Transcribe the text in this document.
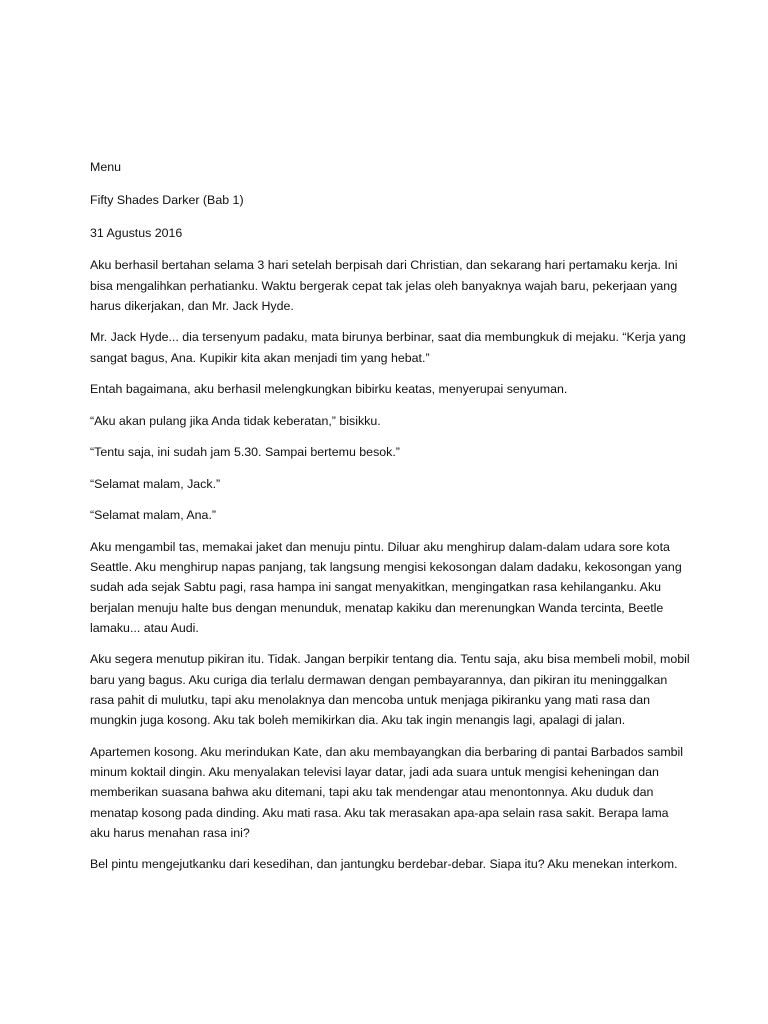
Menu

Fifty Shades Darker (Bab 1)

31 Agustus 2016

Aku berhasil bertahan selama 3 hari setelah berpisah dari Christian, dan sekarang hari pertamaku kerja. Ini bisa mengalihkan perhatianku. Waktu bergerak cepat tak jelas oleh banyaknya wajah baru, pekerjaan yang harus dikerjakan, dan Mr. Jack Hyde.

Mr. Jack Hyde... dia tersenyum padaku, mata birunya berbinar, saat dia membungkuk di mejaku. “Kerja yang sangat bagus, Ana. Kupikir kita akan menjadi tim yang hebat.”

Entah bagaimana, aku berhasil melengkungkan bibirku keatas, menyerupai senyuman.

“Aku akan pulang jika Anda tidak keberatan,” bisikku.

“Tentu saja, ini sudah jam 5.30. Sampai bertemu besok.”

“Selamat malam, Jack.”

“Selamat malam, Ana.”

Aku mengambil tas, memakai jaket dan menuju pintu. Diluar aku menghirup dalam-dalam udara sore kota Seattle. Aku menghirup napas panjang, tak langsung mengisi kekosongan dalam dadaku, kekosongan yang sudah ada sejak Sabtu pagi, rasa hampa ini sangat menyakitkan, mengingatkan rasa kehilanganku. Aku berjalan menuju halte bus dengan menunduk, menatap kakiku dan merenungkan Wanda tercinta, Beetle lamaku... atau Audi.

Aku segera menutup pikiran itu. Tidak. Jangan berpikir tentang dia. Tentu saja, aku bisa membeli mobil, mobil baru yang bagus. Aku curiga dia terlalu dermawan dengan pembayarannya, dan pikiran itu meninggalkan rasa pahit di mulutku, tapi aku menolaknya dan mencoba untuk menjaga pikiranku yang mati rasa dan mungkin juga kosong. Aku tak boleh memikirkan dia. Aku tak ingin menangis lagi, apalagi di jalan.

Apartemen kosong. Aku merindukan Kate, dan aku membayangkan dia berbaring di pantai Barbados sambil minum koktail dingin. Aku menyalakan televisi layar datar, jadi ada suara untuk mengisi keheningan dan memberikan suasana bahwa aku ditemani, tapi aku tak mendengar atau menontonnya. Aku duduk dan menatap kosong pada dinding. Aku mati rasa. Aku tak merasakan apa-apa selain rasa sakit. Berapa lama aku harus menahan rasa ini?

Bel pintu mengejutkanku dari kesedihan, dan jantungku berdebar-debar. Siapa itu? Aku menekan interkom.
